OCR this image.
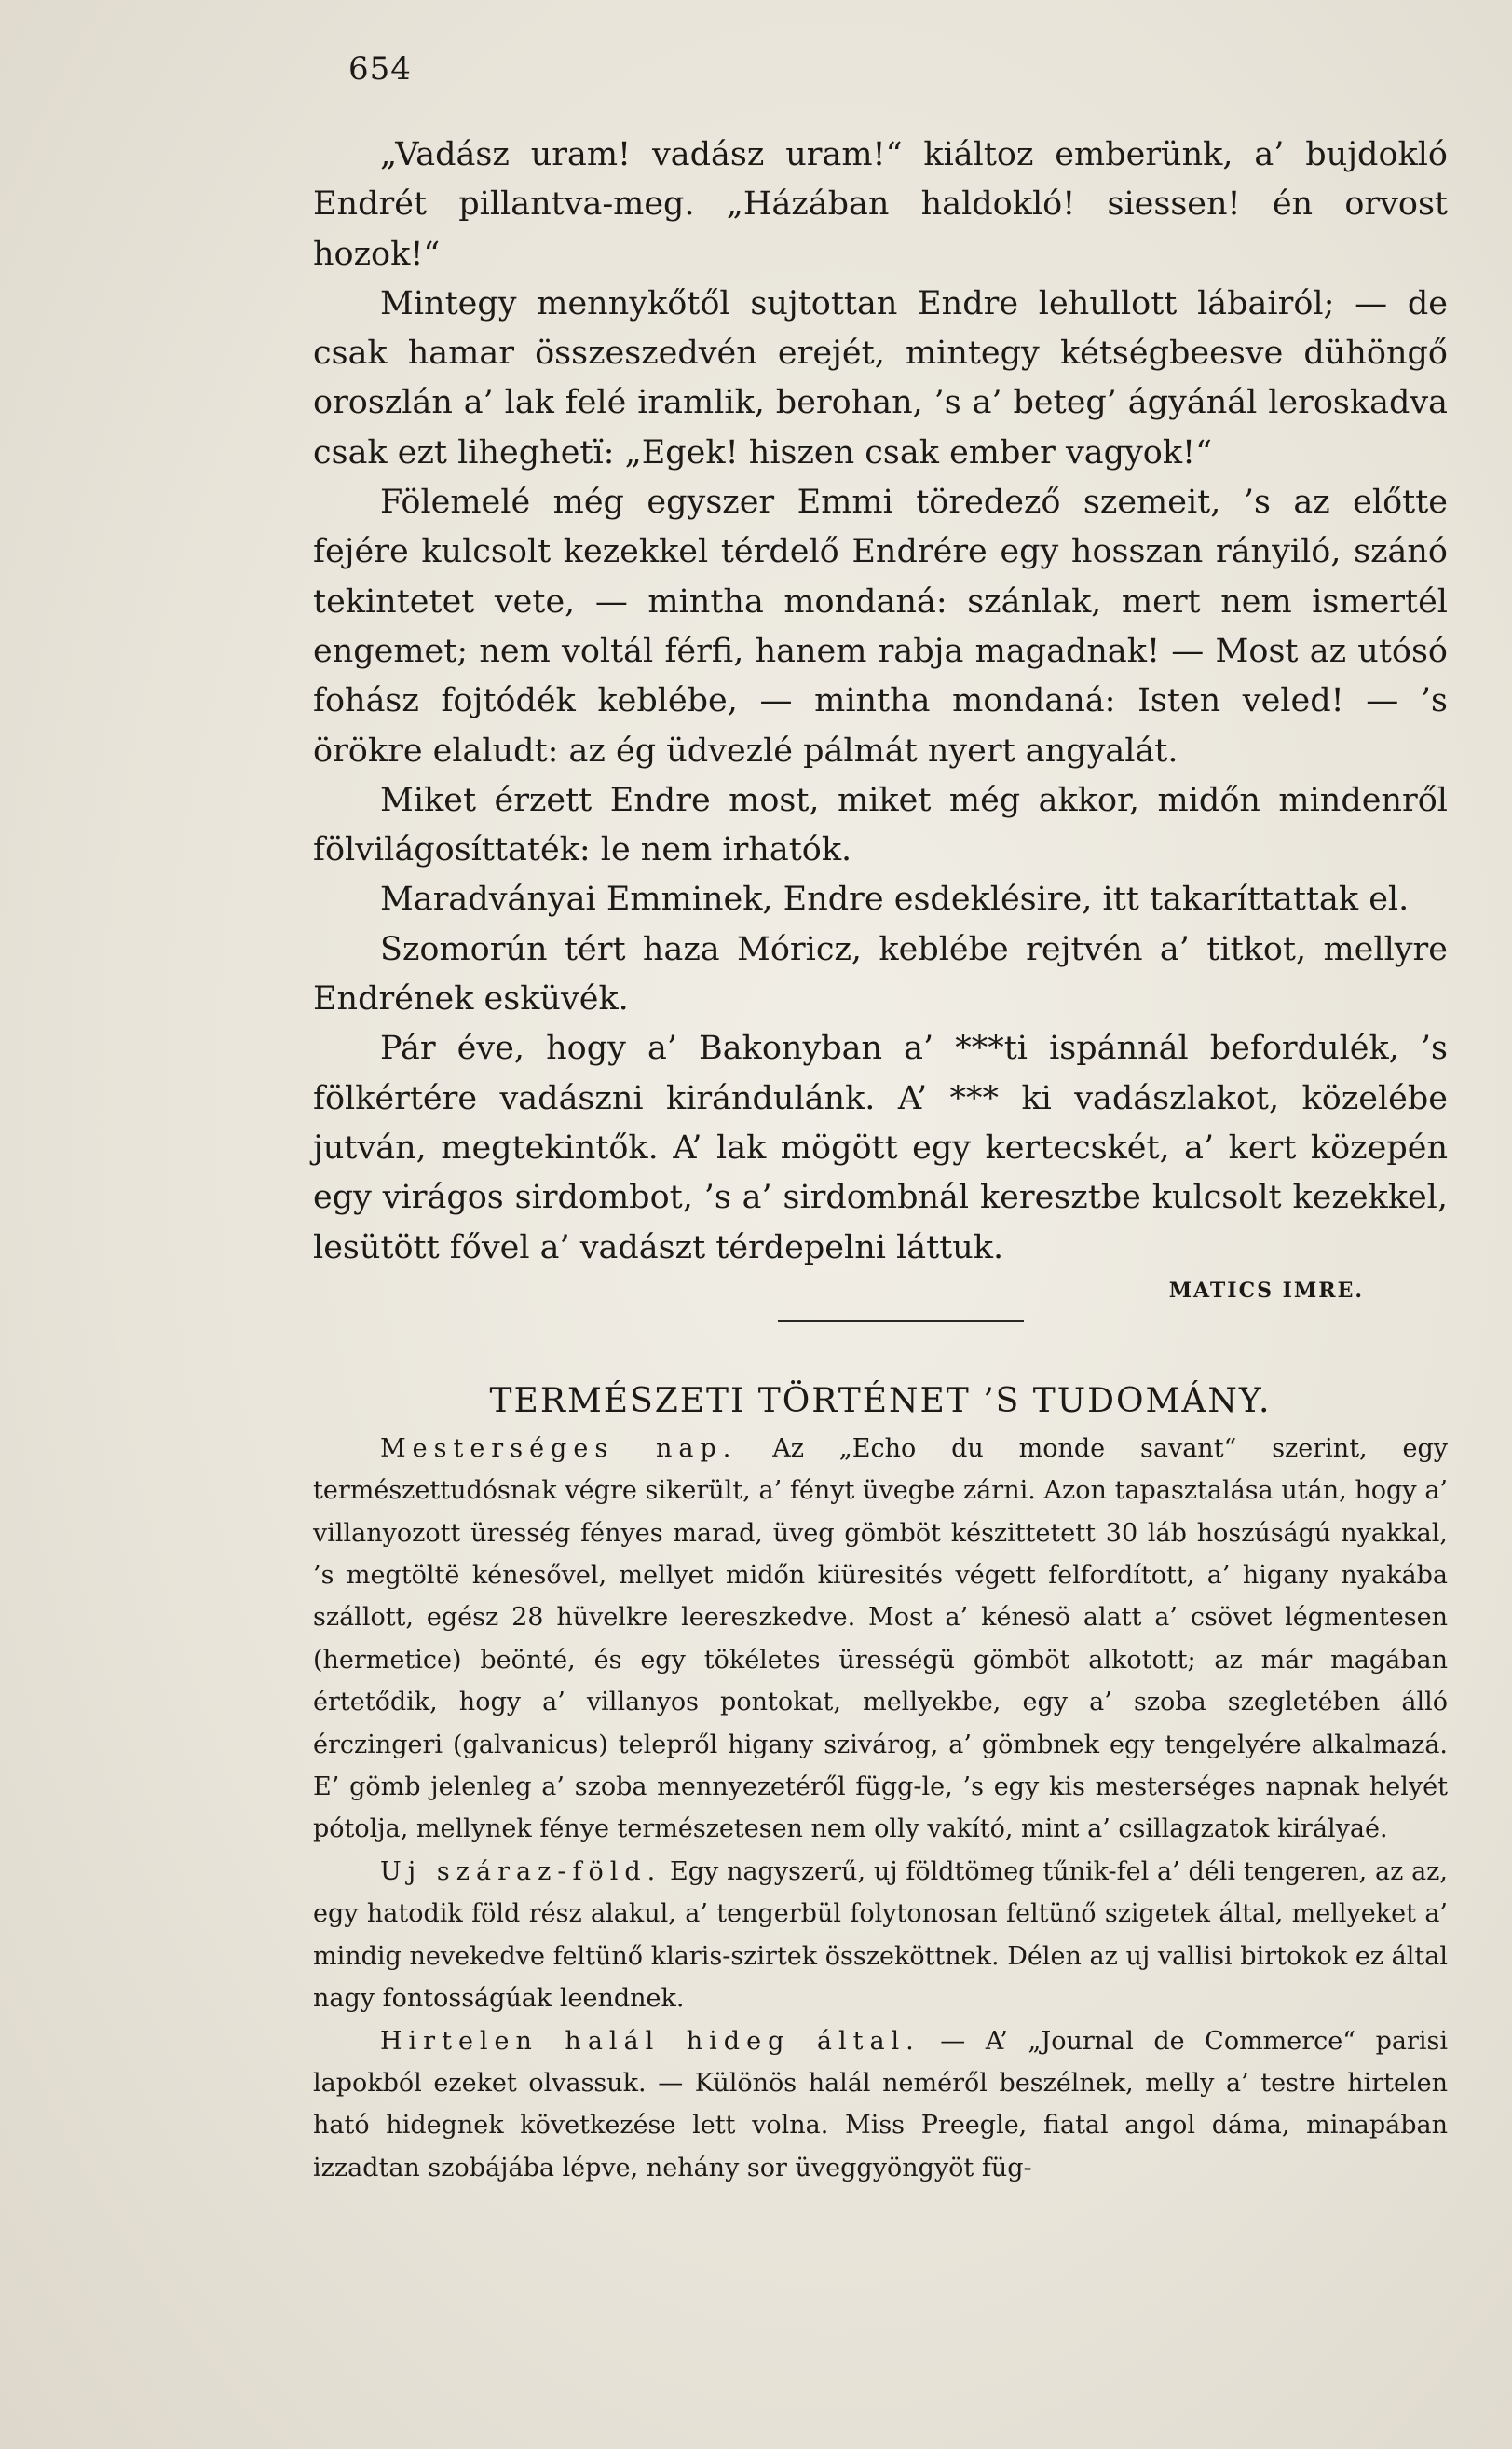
654

„Vadász uram! vadász uram!“ kiáltoz emberünk, a’ bujdokló Endrét pillantva-meg. „Házában haldokló! siessen! én orvost hozok!“

Mintegy mennykőtől sujtottan Endre lehullott lábairól; — de csak hamar összeszedvén erejét, mintegy kétségbeesve dühöngő oroszlán a’ lak felé iramlik, berohan, ’s a’ beteg’ ágyánál leroskadva csak ezt liheghetï: „Egek! hiszen csak ember vagyok!“

Fölemelé még egyszer Emmi töredező szemeit, ’s az előtte fejére kulcsolt kezekkel térdelő Endrére egy hosszan rányiló, szánó tekintetet vete, — mintha mondaná: szánlak, mert nem ismertél engemet; nem voltál férfi, hanem rabja magadnak! — Most az utósó fohász fojtódék keblébe, — mintha mondaná: Isten veled! — ’s örökre elaludt: az ég üdvezlé pálmát nyert angyalát.

Miket érzett Endre most, miket még akkor, midőn mindenről fölvilágosíttaték: le nem irhatók.

Maradványai Emminek, Endre esdeklésire, itt takaríttattak el.

Szomorún tért haza Móricz, keblébe rejtvén a’ titkot, mellyre Endrének esküvék.

Pár éve, hogy a’ Bakonyban a’ ***ti ispánnál befordulék, ’s fölkértére vadászni kirándulánk. A’ *** ki vadászlakot, közelébe jutván, megtekintők. A’ lak mögött egy kertecskét, a’ kert közepén egy virágos sirdombot, ’s a’ sirdombnál keresztbe kulcsolt kezekkel, lesütött fővel a’ vadászt térdepelni láttuk.

MATICS IMRE.
TERMÉSZETI TÖRTÉNET ’S TUDOMÁNY.

Mesterséges nap. Az „Echo du monde savant“ szerint, egy természettudósnak végre sikerült, a’ fényt üvegbe zárni. Azon tapasztalása után, hogy a’ villanyozott üresség fényes marad, üveg gömböt készittetett 30 láb hoszúságú nyakkal, ’s megtöltë kénesővel, mellyet midőn kiüresités végett felfordított, a’ higany nyakába szállott, egész 28 hüvelkre leereszkedve. Most a’ kénesö alatt a’ csövet légmentesen (hermetice) beönté, és egy tökéletes ürességü gömböt alkotott; az már magában értetődik, hogy a’ villanyos pontokat, mellyekbe, egy a’ szoba szegletében álló érczingeri (galvanicus) telepről higany szivárog, a’ gömbnek egy tengelyére alkalmazá. E’ gömb jelenleg a’ szoba mennyezetéről függ-le, ’s egy kis mesterséges napnak helyét pótolja, mellynek fénye természetesen nem olly vakító, mint a’ csillagzatok királyaé.

Uj száraz-föld. Egy nagyszerű, uj földtömeg tűnik-fel a’ déli tengeren, az az, egy hatodik föld rész alakul, a’ tengerbül folytonosan feltünő szigetek által, mellyeket a’ mindig nevekedve feltünő klaris-szirtek összeköttnek. Délen az uj vallisi birtokok ez által nagy fontosságúak leendnek.

Hirtelen halál hideg által. — A’ „Journal de Commerce“ parisi lapokból ezeket olvassuk. — Különös halál neméről beszélnek, melly a’ testre hirtelen ható hidegnek következése lett volna. Miss Preegle, fiatal angol dáma, minapában izzadtan szobájába lépve, nehány sor üveggyöngyöt füg-
